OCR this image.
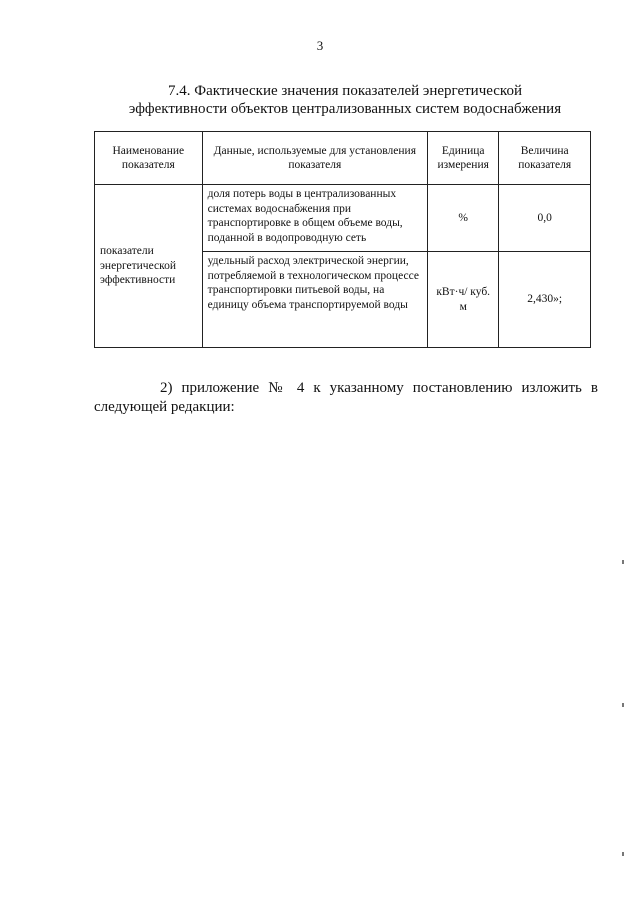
3
7.4. Фактические значения показателей энергетической
эффективности объектов централизованных систем водоснабжения
Наименование показателя	Данные, используемые для установления показателя	Единица измерения	Величина показателя
показатели энергетической эффективности	доля потерь воды в централизованных системах водоснабжения при транспортировке в общем объеме воды, поданной в водопроводную сеть	%	0,0
	удельный расход электрической энергии, потребляемой в технологическом процессе транспортировки питьевой воды, на единицу объема транспортируемой воды	кВт·ч/ куб. м	2,430»;
2) приложение № 4 к указанному постановлению изложить в следующей редакции:
